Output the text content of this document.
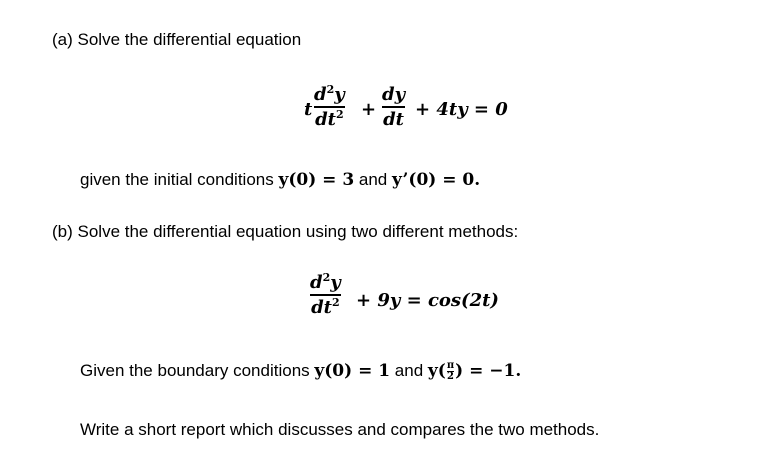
(a) Solve the differential equation
t
$d^2y$
$dt^2$ +
dy
dt + 4ty = 0
given the initial conditions y(0) = 3 and y’(0) = 0.
(b) Solve the differential equation using two different methods:
$d^2y$
$dt^2 + 9y = \cos(2t)$
Given the boundary conditions y(0) = 1 and $y(\frac{\pi}{2}) = -1$.
Write a short report which discusses and compares the two methods.
